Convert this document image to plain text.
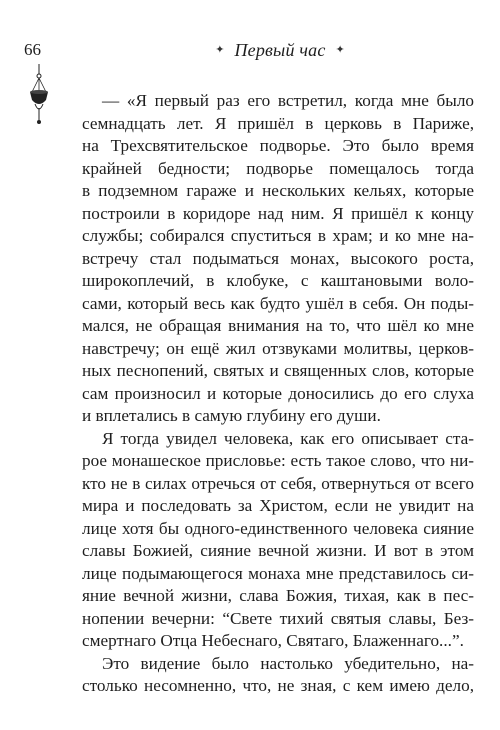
66	✦ Первый час ✦
— «Я первый раз его встретил, когда мне было
семнадцать лет. Я пришёл в церковь в Париже,
на Трехсвятительское подворье. Это было время
крайней бедности; подворье помещалось тогда
в подземном гараже и нескольких кельях, которые
построили в коридоре над ним. Я пришёл к концу
службы; собирался спуститься в храм; и ко мне на-
встречу стал подыматься монах, высокого роста,
широкоплечий, в клобуке, с каштановыми воло-
сами, который весь как будто ушёл в себя. Он поды-
мался, не обращая внимания на то, что шёл ко мне
навстречу; он ещё жил отзвуками молитвы, церков-
ных песнопений, святых и священных слов, которые
сам произносил и которые доносились до его слуха
и вплетались в самую глубину его души.
Я тогда увидел человека, как его описывает ста-
рое монашеское присловье: есть такое слово, что ни-
кто не в силах отречься от себя, отвернуться от всего
мира и последовать за Христом, если не увидит на
лице хотя бы одного-единственного человека сияние
славы Божией, сияние вечной жизни. И вот в этом
лице подымающегося монаха мне представилось си-
яние вечной жизни, слава Божия, тихая, как в пес-
нопении вечерни: “Свете тихий святыя славы, Без-
смертнаго Отца Небеснаго, Святаго, Блаженнаго...”.
Это видение было настолько убедительно, на-
столько несомненно, что, не зная, с кем имею дело,
